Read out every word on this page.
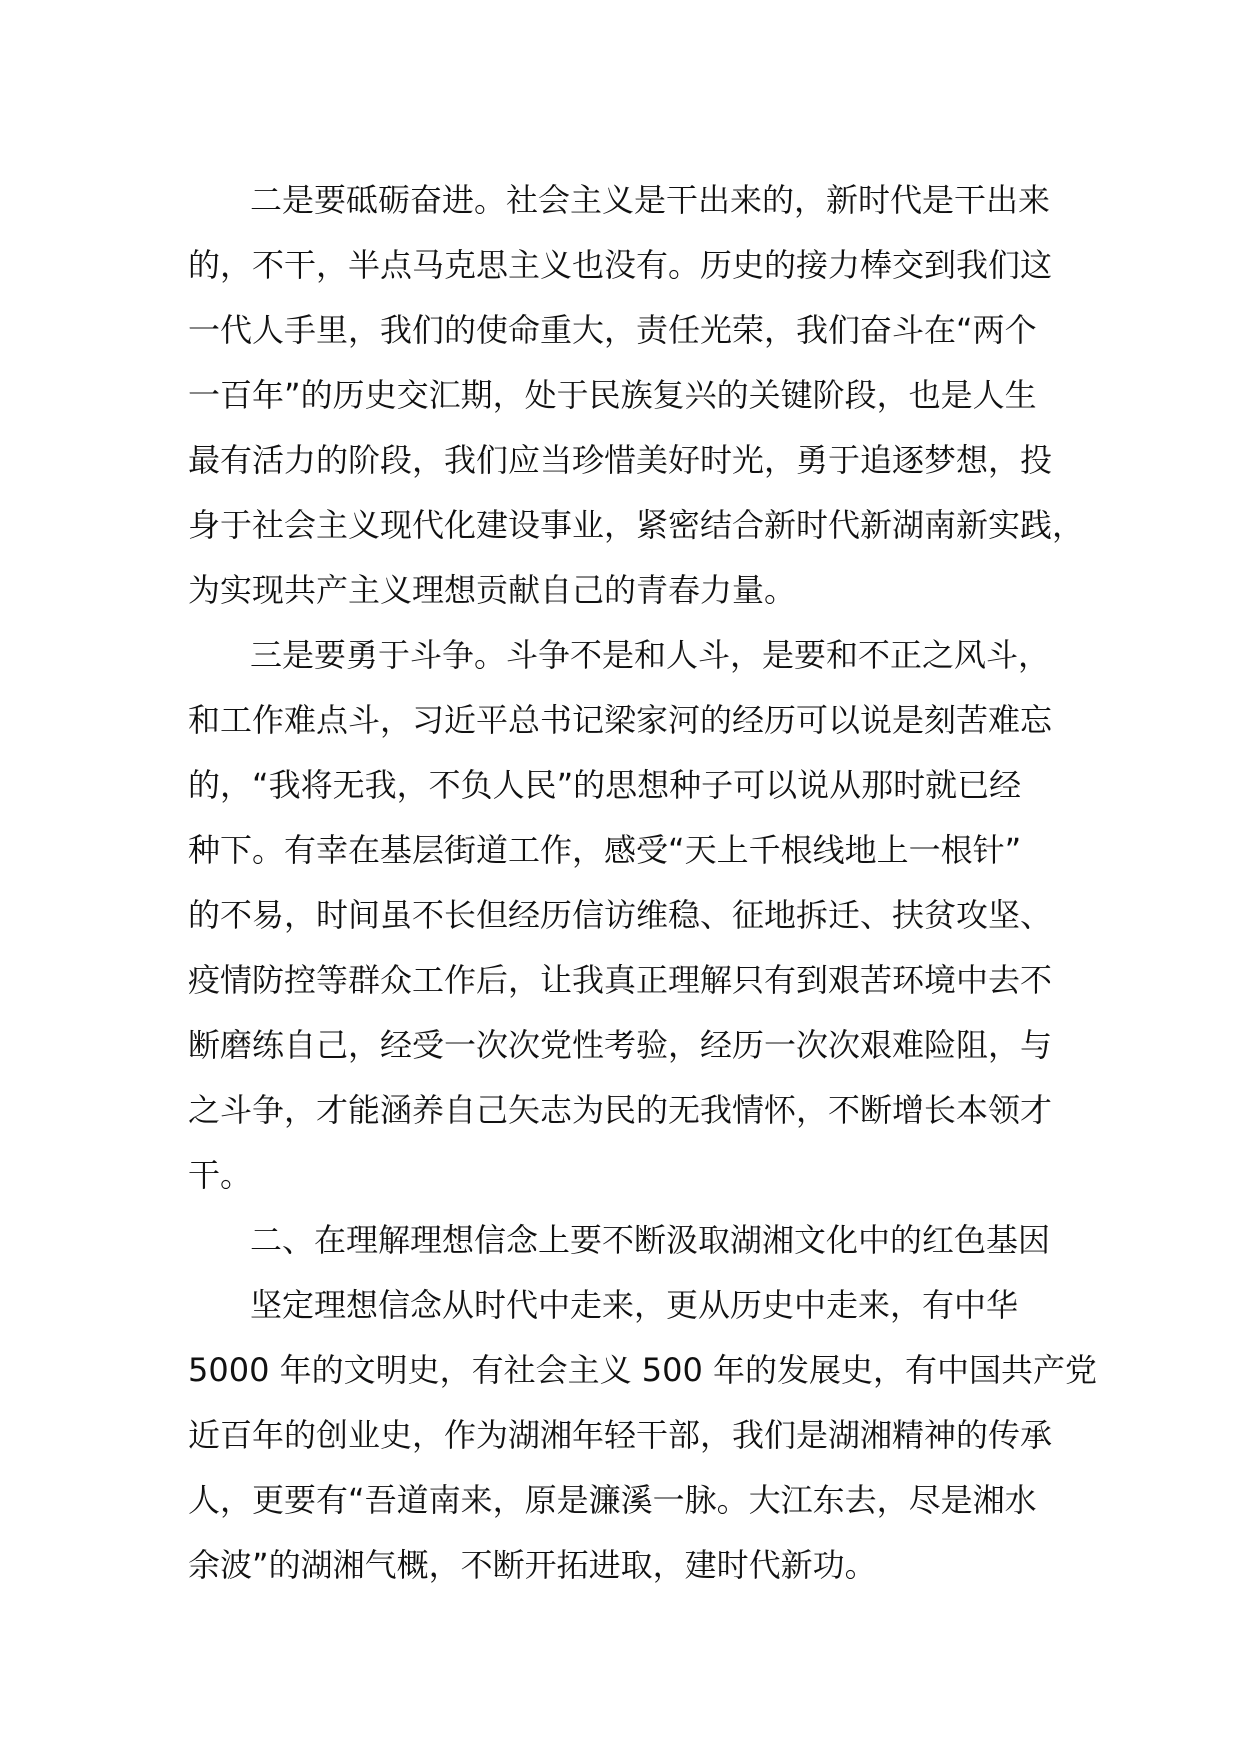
二是要砥砺奋进。社会主义是干出来的，新时代是干出来
的，不干，半点马克思主义也没有。历史的接力棒交到我们这
一代人手里，我们的使命重大，责任光荣，我们奋斗在“两个
一百年”的历史交汇期，处于民族复兴的关键阶段，也是人生
最有活力的阶段，我们应当珍惜美好时光，勇于追逐梦想，投
身于社会主义现代化建设事业，紧密结合新时代新湖南新实践，
为实现共产主义理想贡献自己的青春力量。
三是要勇于斗争。斗争不是和人斗，是要和不正之风斗，
和工作难点斗，习近平总书记梁家河的经历可以说是刻苦难忘
的，“我将无我，不负人民”的思想种子可以说从那时就已经
种下。有幸在基层街道工作，感受“天上千根线地上一根针”
的不易，时间虽不长但经历信访维稳、征地拆迁、扶贫攻坚、
疫情防控等群众工作后，让我真正理解只有到艰苦环境中去不
断磨练自己，经受一次次党性考验，经历一次次艰难险阻，与
之斗争，才能涵养自己矢志为民的无我情怀，不断增长本领才
干。
二、在理解理想信念上要不断汲取湖湘文化中的红色基因
坚定理想信念从时代中走来，更从历史中走来，有中华
5000 年的文明史，有社会主义 500 年的发展史，有中国共产党
近百年的创业史，作为湖湘年轻干部，我们是湖湘精神的传承
人，更要有“吾道南来，原是濂溪一脉。大江东去，尽是湘水
余波”的湖湘气概，不断开拓进取，建时代新功。
